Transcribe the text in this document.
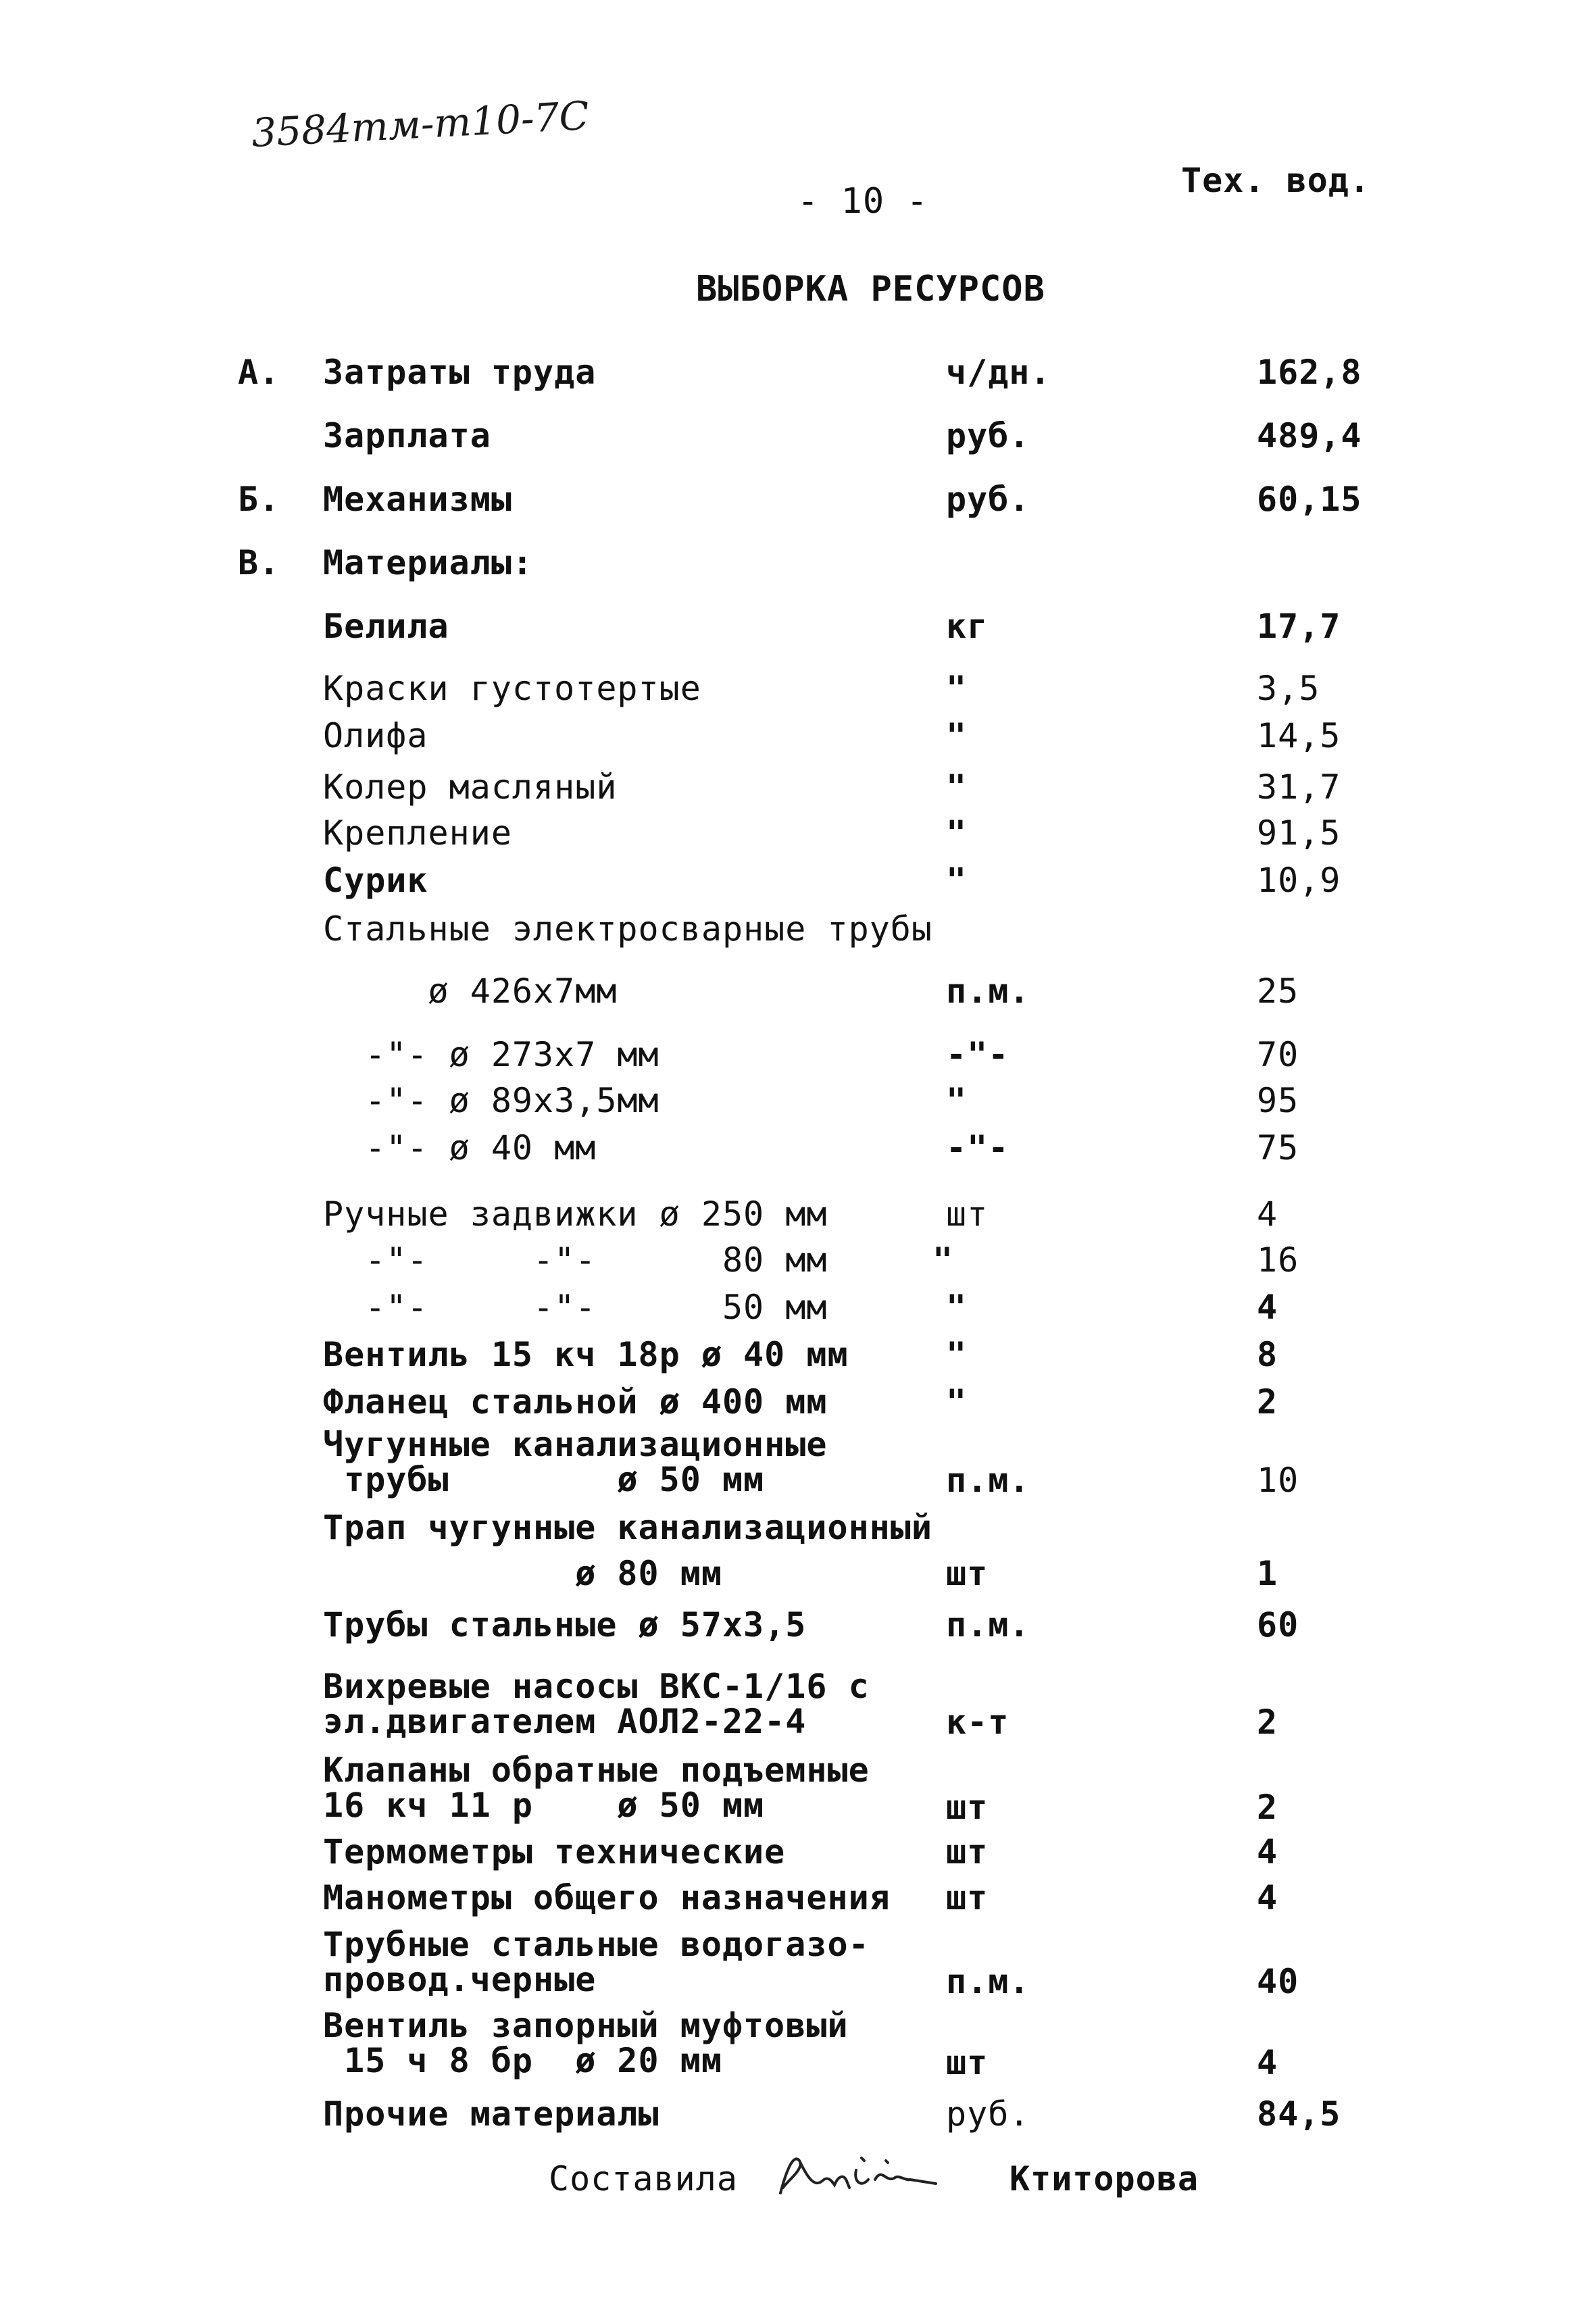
3584тм-т10-7С
- 10 -
Тех. вод.
ВЫБОРКА РЕСУРСОВ
А. Затраты труда	ч/дн.	162,8
Зарплата	руб.	489,4
Б. Механизмы	руб.	60,15
В. Материалы:
Белила	кг	17,7
Краски густотертые	"	3,5
Олифа	"	14,5
Колер масляный	"	31,7
Крепление	"	91,5
Сурик	"	10,9
Стальные электросварные трубы
ø 426х7мм	п.м.	25
-"- ø 273х7 мм	-"-	70
-"- ø 89х3,5мм	"	95
-"- ø 40 мм	-"-	75
Ручные задвижки ø 250 мм	шт	4
-"-     -"-      80 мм	"	16
-"-     -"-      50 мм	"	4
Вентиль 15 кч 18р ø 40 мм	"	8
Фланец стальной ø 400 мм	"	2
Чугунные канализационные
трубы        ø 50 мм	п.м.	10
Трап чугунные канализационный
ø 80 мм	шт	1
Трубы стальные ø 57х3,5	п.м.	60
Вихревые насосы ВКС-1/16 с
эл.двигателем АОЛ2-22-4	к-т	2
Клапаны обратные подъемные
16 кч 11 р    ø 50 мм	шт	2
Термометры технические	шт	4
Манометры общего назначения шт	4
Трубные стальные водогазо-
провод.черные	п.м.	40
Вентиль запорный муфтовый
15 ч 8 бр  ø 20 мм	шт	4
Прочие материалы	руб.	84,5
Составила	Ктиторова
